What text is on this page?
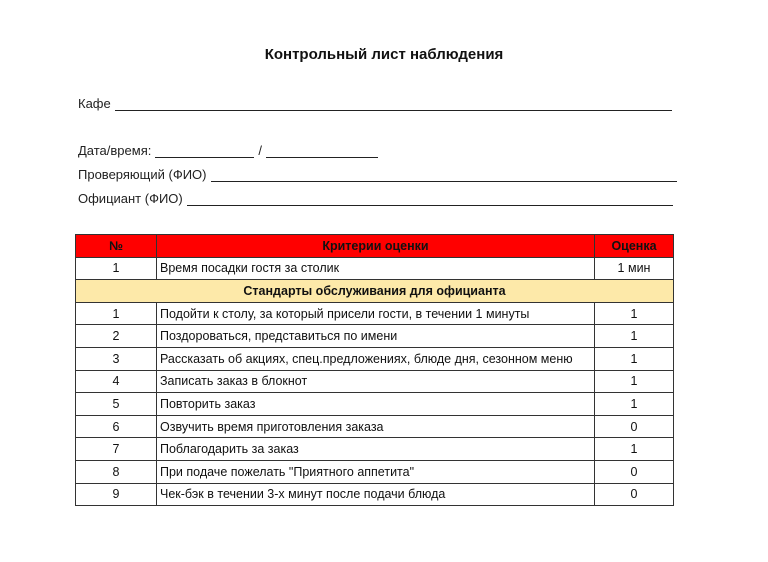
Контрольный лист наблюдения
Кафе
Дата/время:	/
Проверяющий (ФИО)
Официант (ФИО)
№	Критерии оценки	Оценка
1	Время посадки гостя за столик	1 мин
Стандарты обслуживания для официанта		
1	Подойти к столу, за который присели гости, в течении 1 минуты	1
2	Поздороваться, представиться по имени	1
3	Рассказать об акциях, спец.предложениях, блюде дня, сезонном меню	1
4	Записать заказ в блокнот	1
5	Повторить заказ	1
6	Озвучить время приготовления заказа	0
7	Поблагодарить за заказ	1
8	При подаче пожелать "Приятного аппетита"	0
9	Чек-бэк в течении 3-х минут после подачи блюда	0
